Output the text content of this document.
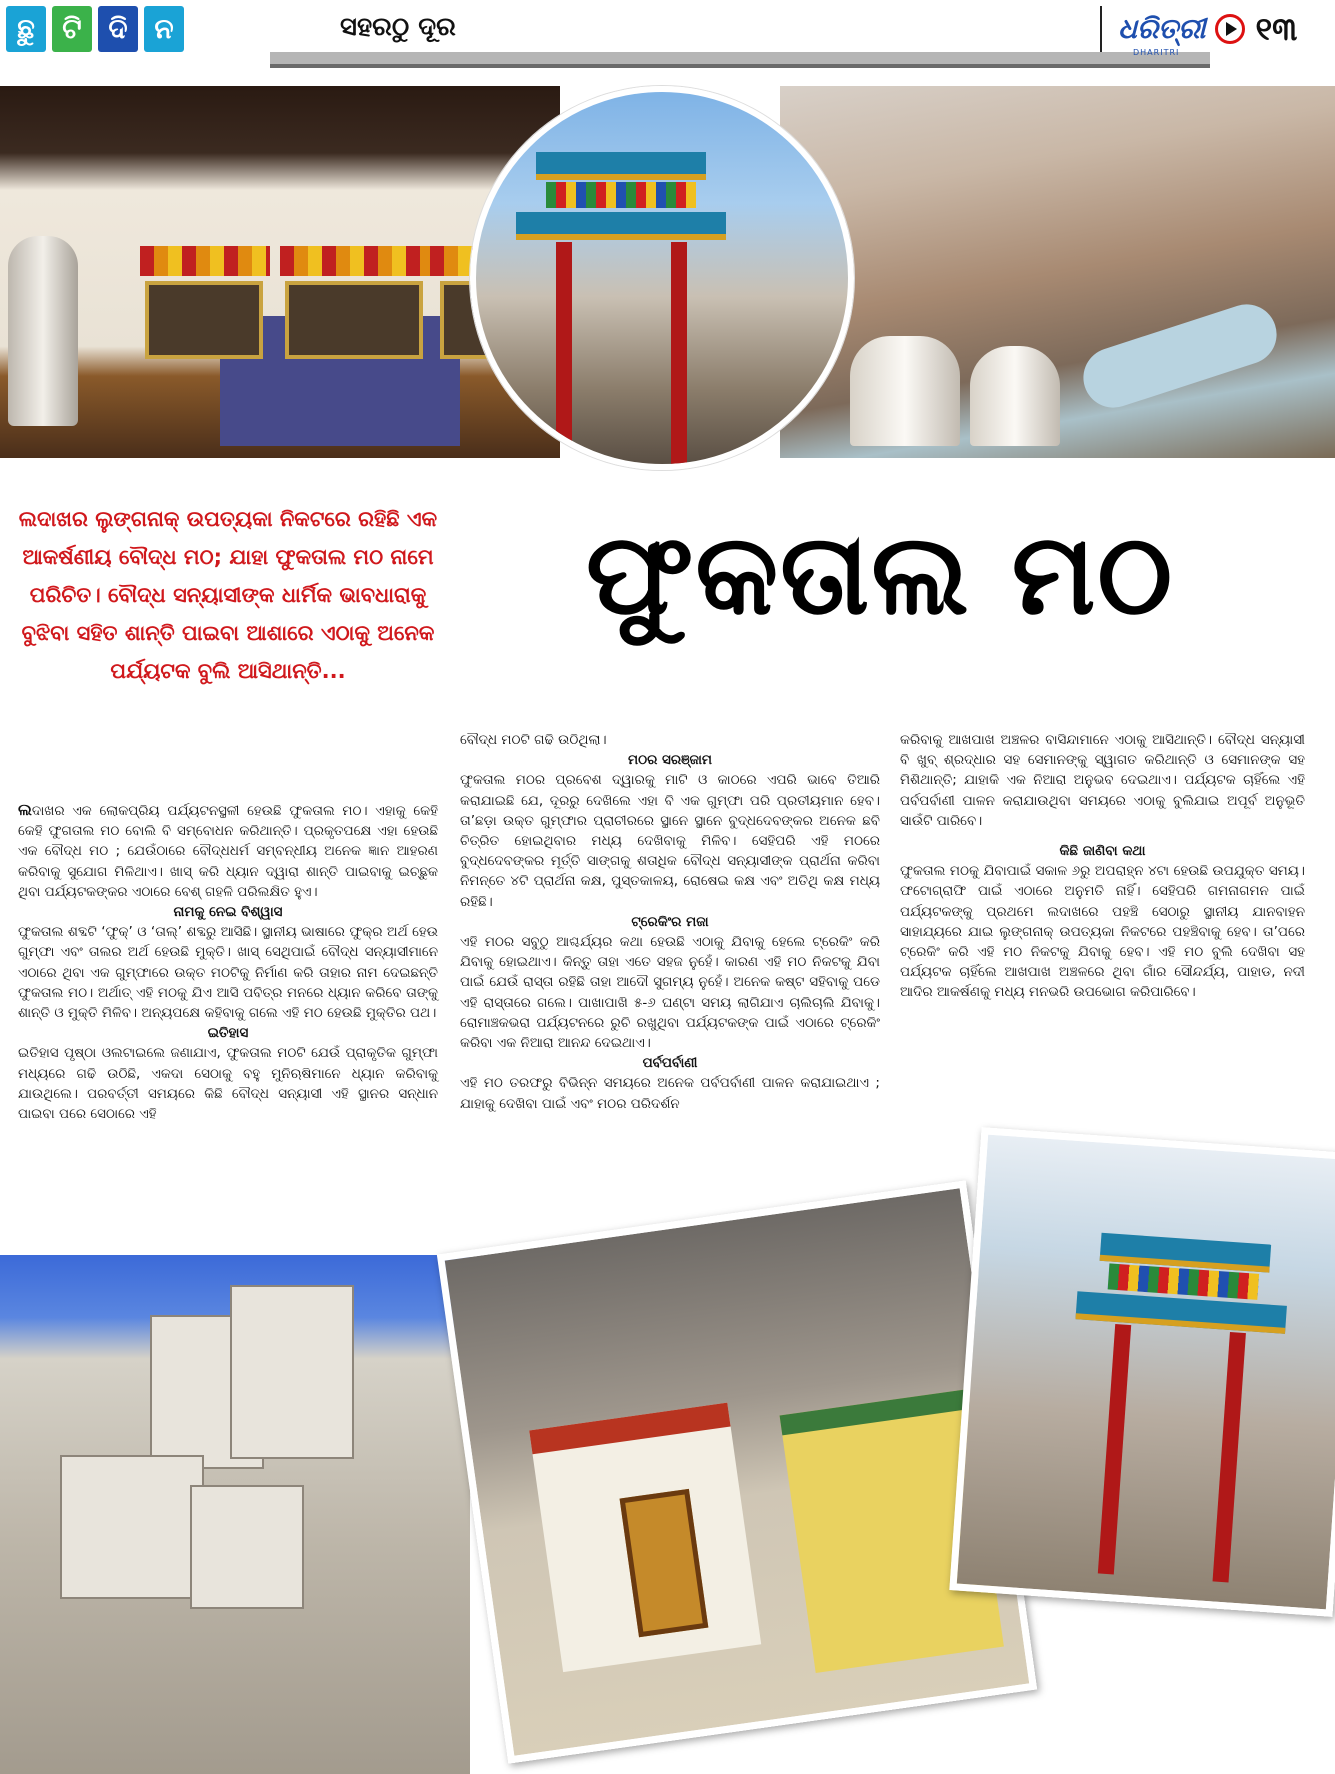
ଛୁ ଟି ଦି ନ	ସହରଠୁ ଦୂର	ଧରିତ୍ରୀ ୧୩
DHARITRI
ଲଦାଖର ଲୁଙ୍ଗନାକ୍ ଉପତ୍ୟକା ନିକଟରେ ରହିଛି ଏକ ଆକର୍ଷଣୀୟ ବୌଦ୍ଧ ମଠ; ଯାହା ଫୁକତାଲ ମଠ ନାମେ ପରିଚିତ। ବୌଦ୍ଧ ସନ୍ୟାସୀଙ୍କ ଧାର୍ମିକ ଭାବଧାରାକୁ ବୁଝିବା ସହିତ ଶାନ୍ତି ପାଇବା ଆଶାରେ ଏଠାକୁ ଅନେକ ପର୍ଯ୍ୟଟକ ବୁଲି ଆସିଥାନ୍ତି...
ଫୁକତାଲ ମଠ

ଲଦାଖର ଏକ ଲୋକପ୍ରିୟ ପର୍ଯ୍ୟଟନସ୍ଥଳୀ ହେଉଛି ଫୁକତାଲ ମଠ। ଏହାକୁ କେହି କେହି ଫୁଗତାଲ ମଠ ବୋଲି ବି ସମ୍ବୋଧନ କରିଥାନ୍ତି। ପ୍ରକୃତପକ୍ଷେ ଏହା ହେଉଛି ଏକ ବୌଦ୍ଧ ମଠ ; ଯେଉଁଠାରେ ବୌଦ୍ଧଧର୍ମ ସମ୍ବନ୍ଧୀୟ ଅନେକ ଜ୍ଞାନ ଆହରଣ କରିବାକୁ ସୁଯୋଗ ମିଳିଥାଏ। ଖାସ୍ କରି ଧ୍ୟାନ ଦ୍ୱାରା ଶାନ୍ତି ପାଇବାକୁ ଇଚ୍ଛୁକ ଥିବା ପର୍ଯ୍ୟଟକଙ୍କର ଏଠାରେ ବେଶ୍ ଗହଳି ପରିଲକ୍ଷିତ ହୁଏ।

ନାମକୁ ନେଇ ବିଶ୍ୱାସ

ଫୁକତାଲ ଶବ୍ଦଟି ‘ଫୁକ୍’ ଓ ‘ତାଲ୍’ ଶବ୍ଦରୁ ଆସିଛି। ସ୍ଥାନୀୟ ଭାଷାରେ ଫୁକ୍ର ଅର୍ଥ ହେଉ ଗୁମ୍ଫା ଏବଂ ତାଲର ଅର୍ଥ ହେଉଛି ମୁକ୍ତି। ଖାସ୍ ସେଥିପାଇଁ ବୌଦ୍ଧ ସନ୍ୟାସୀମାନେ ଏଠାରେ ଥିବା ଏକ ଗୁମ୍ଫାରେ ଉକ୍ତ ମଠଟିକୁ ନିର୍ମାଣ କରି ତାହାର ନାମ ଦେଇଛନ୍ତି ଫୁକତାଲ ମଠ। ଅର୍ଥାତ୍ ଏହି ମଠକୁ ଯିଏ ଆସି ପବିତ୍ର ମନରେ ଧ୍ୟାନ କରିବେ ତାଙ୍କୁ ଶାନ୍ତି ଓ ମୁକ୍ତି ମିଳିବ। ଅନ୍ୟପକ୍ଷେ କହିବାକୁ ଗଲେ ଏହି ମଠ ହେଉଛି ମୁକ୍ତିର ପଥ।

ଇତିହାସ

ଇତିହାସ ପୃଷ୍ଠା ଓଲଟାଇଲେ ଜଣାଯାଏ, ଫୁକତାଲ ମଠଟି ଯେଉଁ ପ୍ରାକୃତିକ ଗୁମ୍ଫା ମଧ୍ୟରେ ଗଢି ଉଠିଛି, ଏକଦା ସେଠାକୁ ବହୁ ମୁନିଋଷିମାନେ ଧ୍ୟାନ କରିବାକୁ ଯାଉଥିଲେ। ପରବର୍ତ୍ତୀ ସମୟରେ କିଛି ବୌଦ୍ଧ ସନ୍ୟାସୀ ଏହି ସ୍ଥାନର ସନ୍ଧାନ ପାଇବା ପରେ ସେଠାରେ ଏହି

ବୌଦ୍ଧ ମଠଟି ଗଢି ଉଠିଥିଲା।

ମଠର ସରଞ୍ଜାମ

ଫୁକତାଲ ମଠର ପ୍ରବେଶ ଦ୍ୱାରକୁ ମାଟି ଓ କାଠରେ ଏପରି ଭାବେ ତିଆରି କରାଯାଇଛି ଯେ, ଦୂରରୁ ଦେଖିଲେ ଏହା ବି ଏକ ଗୁମ୍ଫା ପରି ପ୍ରତୀୟମାନ ହେବ। ତା’ଛଡ଼ା ଉକ୍ତ ଗୁମ୍ଫାର ପ୍ରାଚୀରରେ ସ୍ଥାନେ ସ୍ଥାନେ ବୁଦ୍ଧଦେବଙ୍କର ଅନେକ ଛବି ଚିତ୍ରିତ ହୋଇଥିବାର ମଧ୍ୟ ଦେଖିବାକୁ ମିଳିବ। ସେହିପରି ଏହି ମଠରେ ବୁଦ୍ଧଦେବଙ୍କର ମୂର୍ତ୍ତି ସାଙ୍ଗକୁ ଶତାଧିକ ବୌଦ୍ଧ ସନ୍ୟାସୀଙ୍କ ପ୍ରାର୍ଥନା କରିବା ନିମନ୍ତେ ୪ଟି ପ୍ରାର୍ଥନା କକ୍ଷ, ପୁସ୍ତକାଳୟ, ରୋଷେଇ କକ୍ଷ ଏବଂ ଅତିଥି କକ୍ଷ ମଧ୍ୟ ରହିଛି।

ଟ୍ରେକିଂର ମଜା

ଏହି ମଠର ସବୁଠୁ ଆଶ୍ଚର୍ଯ୍ୟର କଥା ହେଉଛି ଏଠାକୁ ଯିବାକୁ ହେଲେ ଟ୍ରେକିଂ କରି ଯିବାକୁ ହୋଇଥାଏ। କିନ୍ତୁ ତାହା ଏତେ ସହଜ ନୁହେଁ। କାରଣ ଏହି ମଠ ନିକଟକୁ ଯିବା ପାଇଁ ଯେଉଁ ରାସ୍ତା ରହିଛି ତାହା ଆଦୌ ସୁଗମ୍ୟ ନୁହେଁ। ଅନେକ କଷ୍ଟ ସହିବାକୁ ପଡେ ଏହି ରାସ୍ତାରେ ଗଲେ। ପାଖାପାଖି ୫-୬ ଘଣ୍ଟା ସମୟ ଲାଗିଯାଏ ଚାଲିଚାଲି ଯିବାକୁ। ରୋମାଞ୍ଚକଭରା ପର୍ଯ୍ୟଟନରେ ରୁଚି ରଖୁଥିବା ପର୍ଯ୍ୟଟକଙ୍କ ପାଇଁ ଏଠାରେ ଟ୍ରେକିଂ କରିବା ଏକ ନିଆରା ଆନନ୍ଦ ଦେଇଥାଏ।

ପର୍ବପର୍ବାଣୀ

ଏହି ମଠ ତରଫରୁ ବିଭିନ୍ନ ସମୟରେ ଅନେକ ପର୍ବପର୍ବାଣୀ ପାଳନ କରାଯାଇଥାଏ ; ଯାହାକୁ ଦେଖିବା ପାଇଁ ଏବଂ ମଠର ପରିଦର୍ଶନ

କରିବାକୁ ଆଖପାଖ ଅଞ୍ଚଳର ବାସିନ୍ଦାମାନେ ଏଠାକୁ ଆସିଥାନ୍ତି। ବୌଦ୍ଧ ସନ୍ୟାସୀ ବି ଖୁବ୍ ଶ୍ରଦ୍ଧାର ସହ ସେମାନଙ୍କୁ ସ୍ୱାଗତ କରିଥାନ୍ତି ଓ ସେମାନଙ୍କ ସହ ମିଶିଥାନ୍ତି; ଯାହାକି ଏକ ନିଆରା ଅନୁଭବ ଦେଇଥାଏ। ପର୍ଯ୍ୟଟକ ଚାହିଁଲେ ଏହି ପର୍ବପର୍ବାଣୀ ପାଳନ କରାଯାଉଥିବା ସମୟରେ ଏଠାକୁ ବୁଲିଯାଇ ଅପୂର୍ବ ଅନୁଭୂତି ସାଉଁଟି ପାରିବେ।

କିଛି ଜାଣିବା କଥା

ଫୁକତାଲ ମଠକୁ ଯିବାପାଇଁ ସକାଳ ୬ରୁ ଅପରାହ୍ନ ୪ଟା ହେଉଛି ଉପଯୁକ୍ତ ସମୟ। ଫଟୋଗ୍ରାଫି ପାଇଁ ଏଠାରେ ଅନୁମତି ନାହିଁ। ସେହିପରି ଗମନାଗମନ ପାଇଁ ପର୍ଯ୍ୟଟକଙ୍କୁ ପ୍ରଥମେ ଲଦାଖରେ ପହଞ୍ଚି ସେଠାରୁ ସ୍ଥାନୀୟ ଯାନବାହନ ସାହାଯ୍ୟରେ ଯାଇ ଲୁଙ୍ଗନାକ୍ ଉପତ୍ୟକା ନିକଟରେ ପହଞ୍ଚିବାକୁ ହେବ। ତା’ପରେ ଟ୍ରେକିଂ କରି ଏହି ମଠ ନିକଟକୁ ଯିବାକୁ ହେବ। ଏହି ମଠ ବୁଲି ଦେଖିବା ସହ ପର୍ଯ୍ୟଟକ ଚାହିଁଲେ ଆଖପାଖ ଅଞ୍ଚଳରେ ଥିବା ଗାଁର ସୌନ୍ଦର୍ଯ୍ୟ, ପାହାଡ, ନଦୀ ଆଦିର ଆକର୍ଷଣକୁ ମଧ୍ୟ ମନଭରି ଉପଭୋଗ କରିପାରିବେ।
